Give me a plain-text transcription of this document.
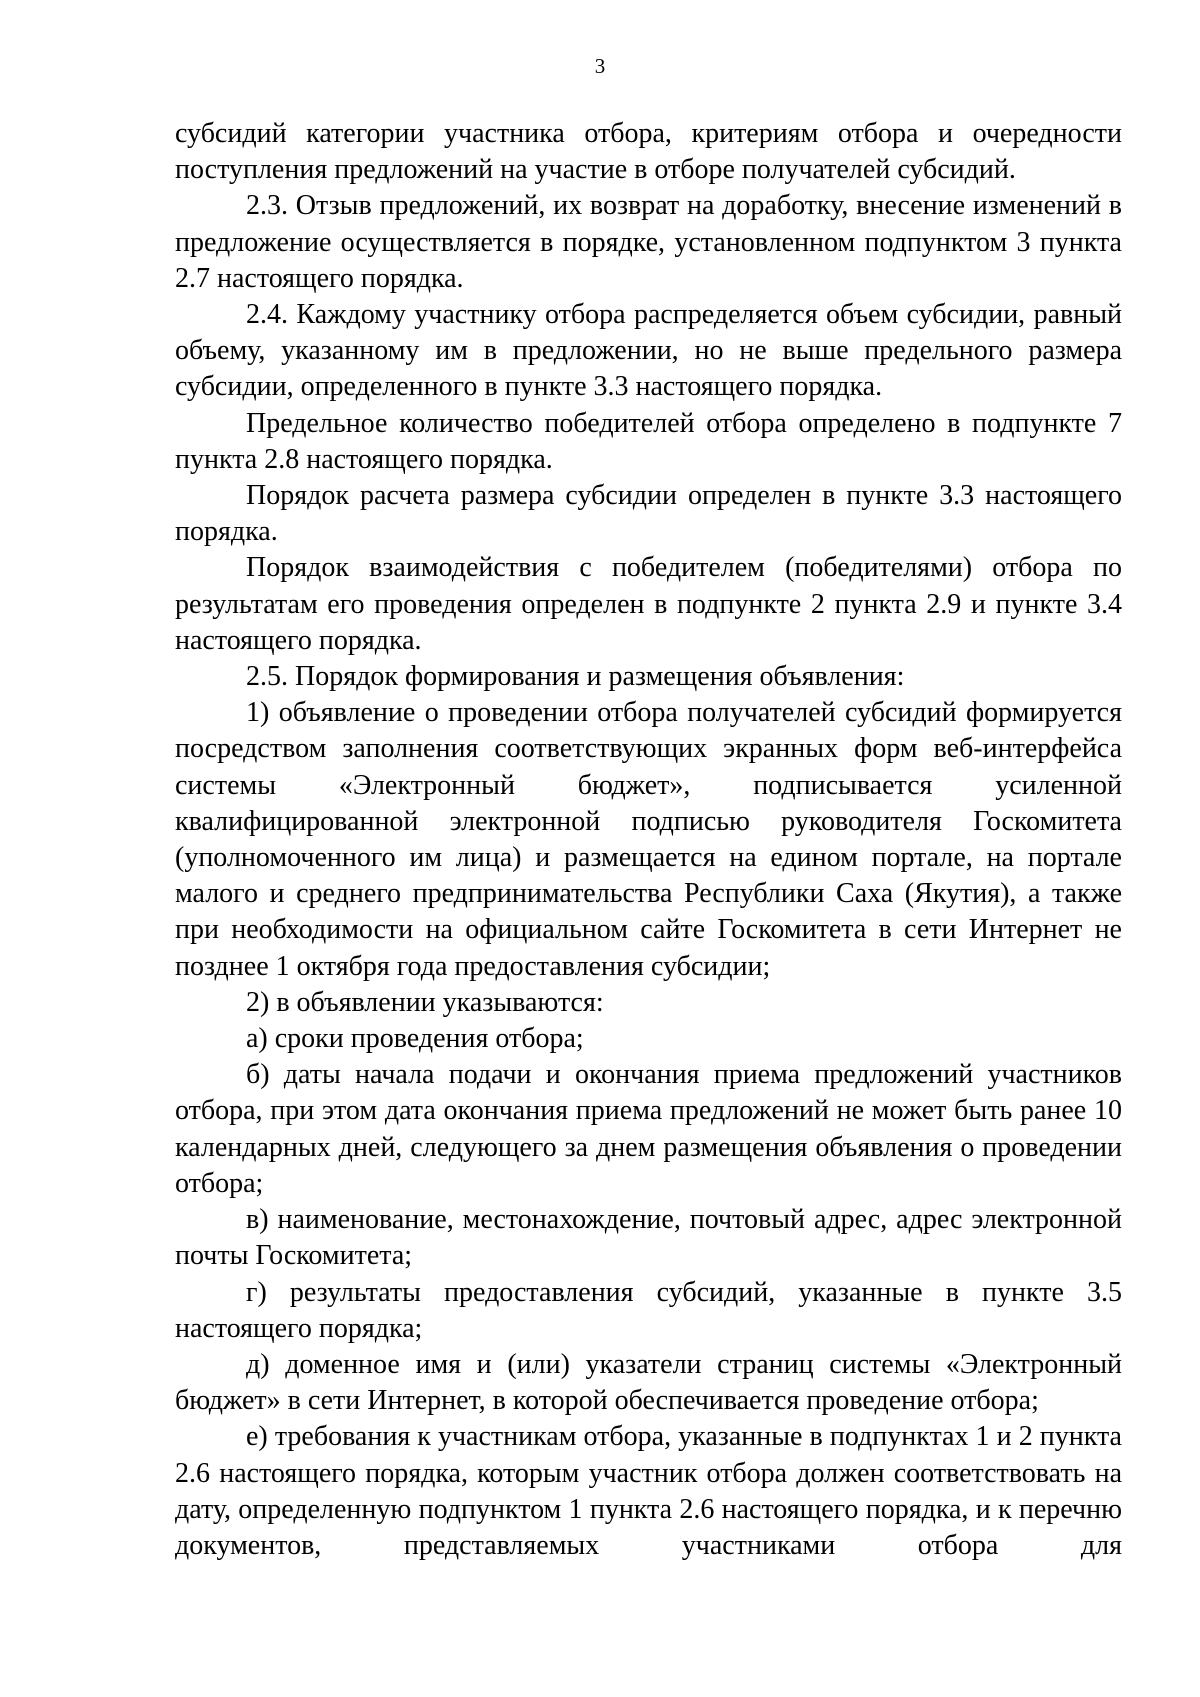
3

субсидий категории участника отбора, критериям отбора и очередности поступления предложений на участие в отборе получателей субсидий.

2.3. Отзыв предложений, их возврат на доработку, внесение изменений в предложение осуществляется в порядке, установленном подпунктом 3 пункта 2.7 настоящего порядка.

2.4. Каждому участнику отбора распределяется объем субсидии, равный объему, указанному им в предложении, но не выше предельного размера субсидии, определенного в пункте 3.3 настоящего порядка.

Предельное количество победителей отбора определено в подпункте 7 пункта 2.8 настоящего порядка.

Порядок расчета размера субсидии определен в пункте 3.3 настоящего порядка.

Порядок взаимодействия с победителем (победителями) отбора по результатам его проведения определен в подпункте 2 пункта 2.9 и пункте 3.4 настоящего порядка.

2.5. Порядок формирования и размещения объявления:

1) объявление о проведении отбора получателей субсидий формируется посредством заполнения соответствующих экранных форм веб-интерфейса системы «Электронный бюджет», подписывается усиленной квалифицированной электронной подписью руководителя Госкомитета (уполномоченного им лица) и размещается на едином портале, на портале малого и среднего предпринимательства Республики Саха (Якутия), а также при необходимости на официальном сайте Госкомитета в сети Интернет не позднее 1 октября года предоставления субсидии;

2) в объявлении указываются:

а) сроки проведения отбора;

б) даты начала подачи и окончания приема предложений участников отбора, при этом дата окончания приема предложений не может быть ранее 10 календарных дней, следующего за днем размещения объявления о проведении отбора;

в) наименование, местонахождение, почтовый адрес, адрес электронной почты Госкомитета;

г) результаты предоставления субсидий, указанные в пункте 3.5 настоящего порядка;

д) доменное имя и (или) указатели страниц системы «Электронный бюджет» в сети Интернет, в которой обеспечивается проведение отбора;

е) требования к участникам отбора, указанные в подпунктах 1 и 2 пункта 2.6 настоящего порядка, которым участник отбора должен соответствовать на дату, определенную подпунктом 1 пункта 2.6 настоящего порядка, и к перечню документов, представляемых участниками отбора для
